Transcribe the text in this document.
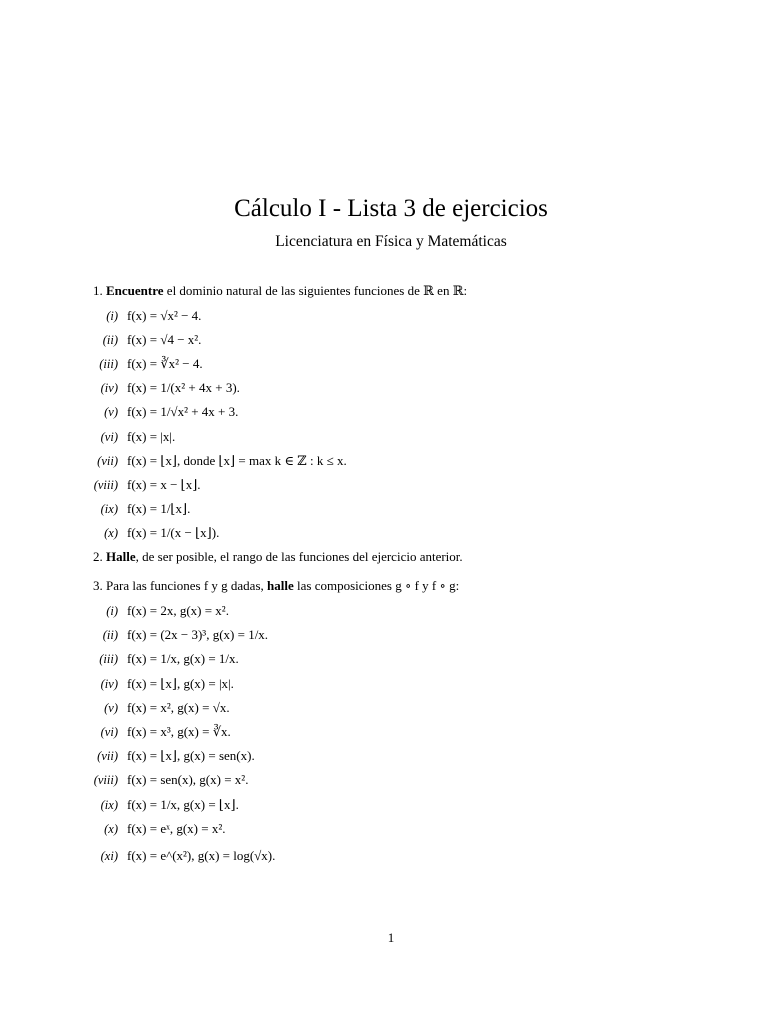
Cálculo I - Lista 3 de ejercicios
Licenciatura en Física y Matemáticas
1. Encuentre el dominio natural de las siguientes funciones de ℝ en ℝ:
(i) f(x) = √x² − 4.
(ii) f(x) = √4 − x².
(iii) f(x) = ∛x² − 4.
(iv) f(x) = 1/(x² + 4x + 3).
(v) f(x) = 1/√x² + 4x + 3.
(vi) f(x) = |x|.
(vii) f(x) = ⌊x⌋, donde ⌊x⌋ = max k ∈ ℤ : k ≤ x.
(viii) f(x) = x − ⌊x⌋.
(ix) f(x) = 1/⌊x⌋.
(x) f(x) = 1/(x − ⌊x⌋).
2. Halle, de ser posible, el rango de las funciones del ejercicio anterior.
3. Para las funciones f y g dadas, halle las composiciones g ∘ f y f ∘ g:
(i) f(x) = 2x, g(x) = x².
(ii) f(x) = (2x − 3)³, g(x) = 1/x.
(iii) f(x) = 1/x, g(x) = 1/x.
(iv) f(x) = ⌊x⌋, g(x) = |x|.
(v) f(x) = x², g(x) = √x.
(vi) f(x) = x³, g(x) = ∛x.
(vii) f(x) = ⌊x⌋, g(x) = sen(x).
(viii) f(x) = sen(x), g(x) = x².
(ix) f(x) = 1/x, g(x) = ⌊x⌋.
(x) f(x) = eˣ, g(x) = x².
(xi) f(x) = e^(x²), g(x) = log(√x).
1
